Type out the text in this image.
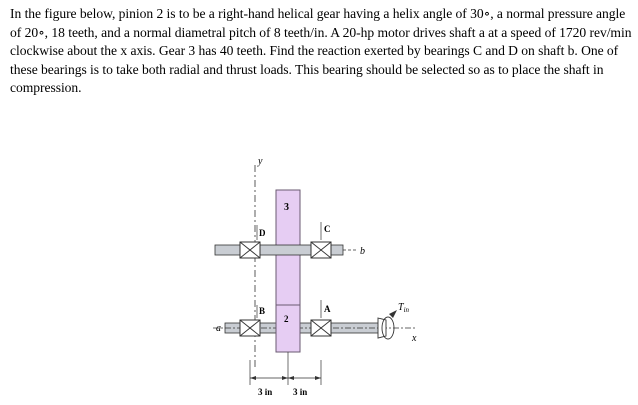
In the figure below, pinion 2 is to be a right-hand helical gear having a helix angle of 30∘, a normal pressure angle of 20∘, 18 teeth, and a normal diametral pitch of 8 teeth/in. A 20-hp motor drives shaft a at a speed of 1720 rev/min clockwise about the x axis. Gear 3 has 40 teeth. Find the reaction exerted by bearings C and D on shaft b. One of these bearings is to take both radial and thrust loads. This bearing should be selected so as to place the shaft in compression.

y
3
b
D	C
a
x
2
B	A	$T_{in}$
3 in 3 in
